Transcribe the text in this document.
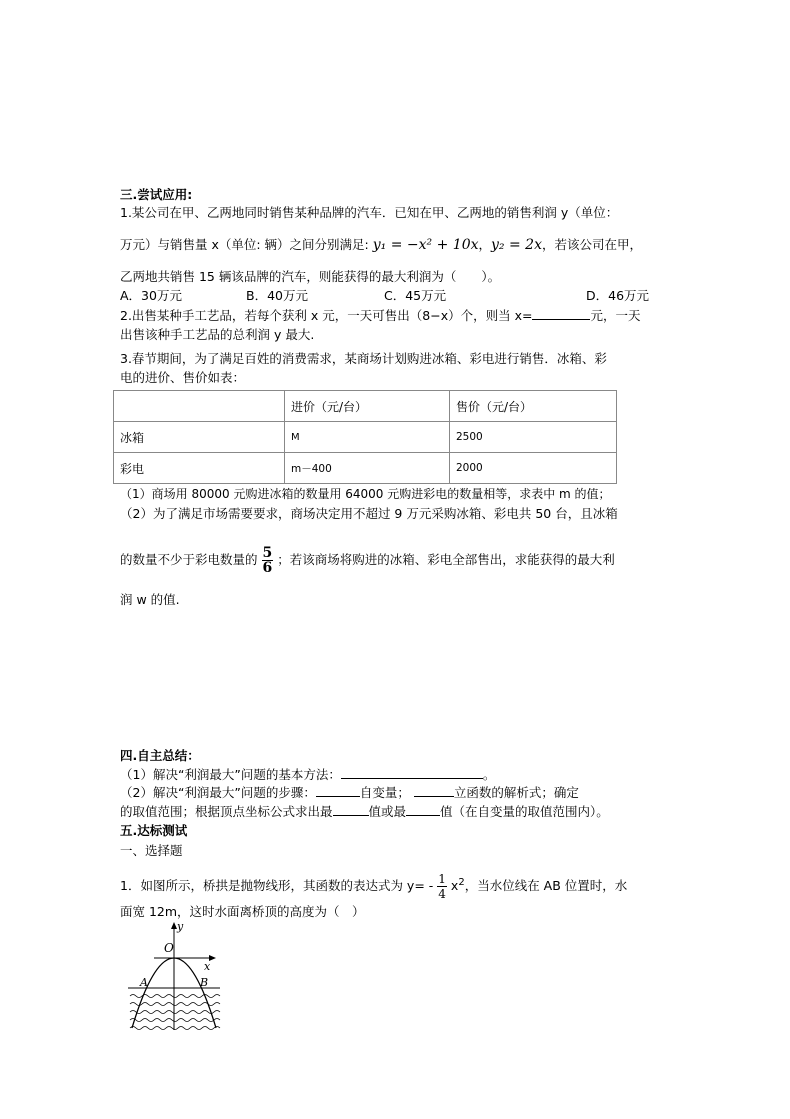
三.尝试应用:
1.某公司在甲、乙两地同时销售某种品牌的汽车．已知在甲、乙两地的销售利润 y（单位：
万元）与销售量 x（单位: 辆）之间分别满足: y₁ = −x² + 10x，y₂ = 2x，若该公司在甲，
乙两地共销售 15 辆该品牌的汽车，则能获得的最大利润为（　　）。
A．30万元	B．40万元	C．45万元	D．46万元
2.出售某种手工艺品，若每个获利 x 元，一天可售出（8−x）个，则当 x=	元，一天
出售该种手工艺品的总利润 y 最大.
3.春节期间，为了满足百姓的消费需求，某商场计划购进冰箱、彩电进行销售．冰箱、彩
电的进价、售价如表：
	进价（元/台）	售价（元/台）
冰箱	M	2500
彩电	m－400	2000
（1）商场用 80000 元购进冰箱的数量用 64000 元购进彩电的数量相等，求表中 m 的值；
（2）为了满足市场需要要求，商场决定用不超过 9 万元采购冰箱、彩电共 50 台，且冰箱
的数量不少于彩电数量的 $\frac{5}{6}$ ；若该商场将购进的冰箱、彩电全部售出，求能获得的最大利
润 w 的值.
四.自主总结：
（1）解决“利润最大”问题的基本方法：	。
（2）解决“利润最大”问题的步骤：	自变量；	立函数的解析式；确定
的取值范围；根据顶点坐标公式求出最	值或最	值（在自变量的取值范围内）。
五.达标测试
一、选择题
1．如图所示，桥拱是抛物线形，其函数的表达式为 $y= - \frac{1}{4} x^2$，当水位线在 AB 位置时，水
面宽 12m，这时水面离桥顶的高度为（　）
y
O
x
A	B
